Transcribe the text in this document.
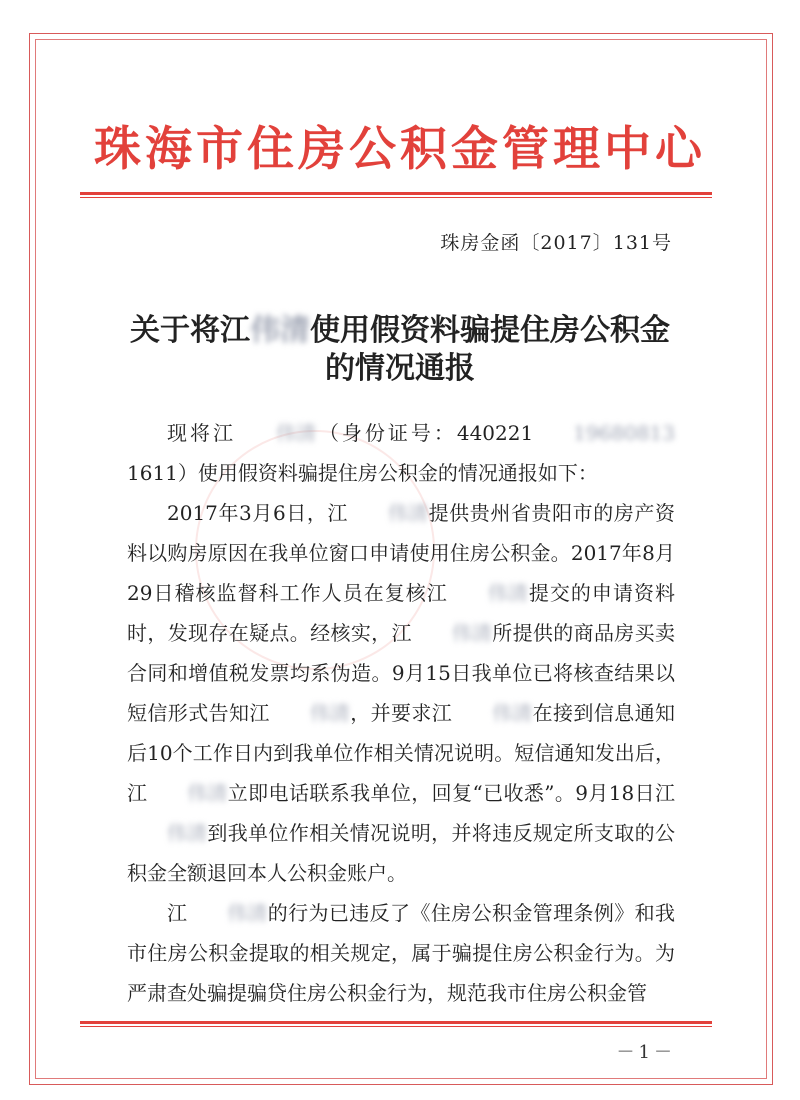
珠海市住房公积金管理中心
珠房金函〔2017〕131号
关于将江伟清使用假资料骗提住房公积金
的情况通报

现将江 伟清（身份证号：440221 196808131611）使用假资料骗提住房公积金的情况通报如下：

2017年3月6日，江 伟清提供贵州省贵阳市的房产资料以购房原因在我单位窗口申请使用住房公积金。2017年8月29日稽核监督科工作人员在复核江 伟清提交的申请资料时，发现存在疑点。经核实，江 伟清所提供的商品房买卖合同和增值税发票均系伪造。9月15日我单位已将核查结果以短信形式告知江 伟清，并要求江 伟清在接到信息通知后10个工作日内到我单位作相关情况说明。短信通知发出后，江 伟清立即电话联系我单位，回复“已收悉”。9月18日江伟清到我单位作相关情况说明，并将违反规定所支取的公积金全额退回本人公积金账户。

江 伟清的行为已违反了《住房公积金管理条例》和我市住房公积金提取的相关规定，属于骗提住房公积金行为。为严肃查处骗提骗贷住房公积金行为，规范我市住房公积金管

－1－
